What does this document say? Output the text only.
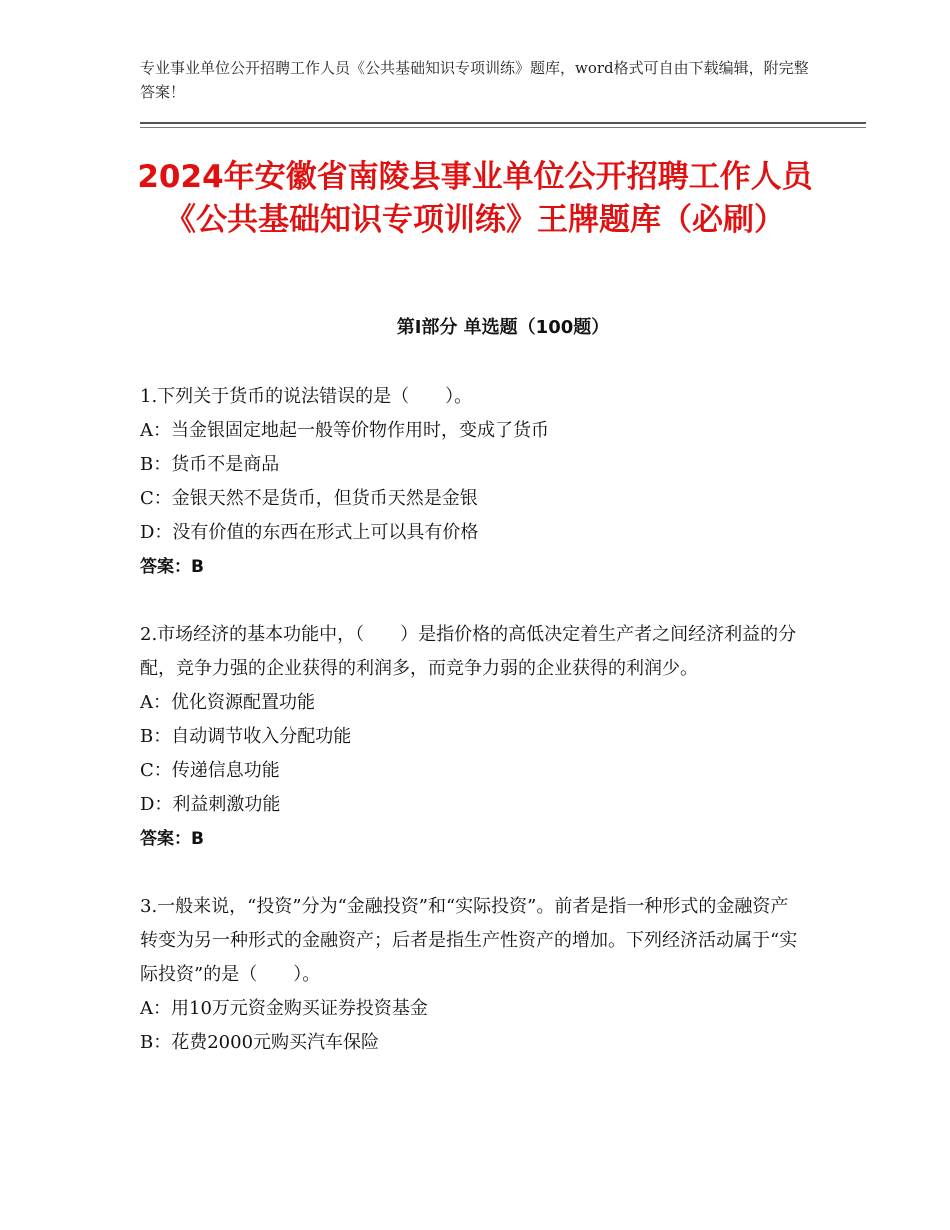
专业事业单位公开招聘工作人员《公共基础知识专项训练》题库，word格式可自由下载编辑，附完整答案！
2024年安徽省南陵县事业单位公开招聘工作人员《公共基础知识专项训练》王牌题库（必刷）
第Ⅰ部分 单选题（100题）
1.下列关于货币的说法错误的是（　　）。
A：当金银固定地起一般等价物作用时，变成了货币
B：货币不是商品
C：金银天然不是货币，但货币天然是金银
D：没有价值的东西在形式上可以具有价格
答案：B
2.市场经济的基本功能中，（　　）是指价格的高低决定着生产者之间经济利益的分配，竞争力强的企业获得的利润多，而竞争力弱的企业获得的利润少。
A：优化资源配置功能
B：自动调节收入分配功能
C：传递信息功能
D：利益刺激功能
答案：B
3.一般来说，“投资”分为“金融投资”和“实际投资”。前者是指一种形式的金融资产转变为另一种形式的金融资产；后者是指生产性资产的增加。下列经济活动属于“实际投资”的是（　　）。
A：用10万元资金购买证券投资基金
B：花费2000元购买汽车保险
